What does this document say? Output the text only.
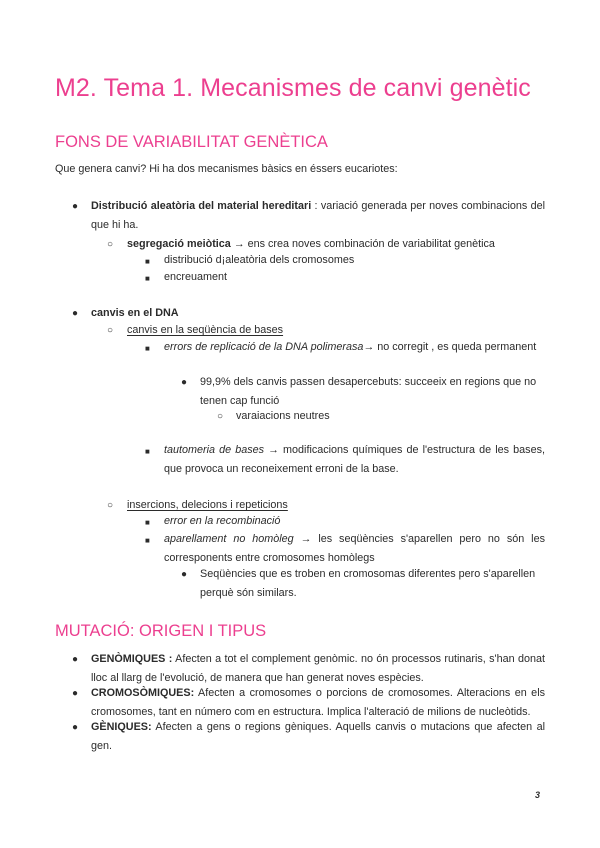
M2. Tema 1. Mecanismes de canvi genètic
FONS DE VARIABILITAT GENÈTICA
Que genera canvi? Hi ha dos mecanismes bàsics en éssers eucariotes:
● Distribució aleatòria del material hereditari : variació generada per noves combinacions del que hi ha.
○ segregació meiòtica → ens crea noves combinación de variabilitat genètica
■ distribució d¡aleatòria dels cromosomes
■ encreuament
● canvis en el DNA
○ canvis en la seqüència de bases
■ errors de replicació de la DNA polimerasa→ no corregit , es queda permanent
● 99,9% dels canvis passen desapercebuts: succeeix en regions que no tenen cap funció
○ varaiacions neutres
■ tautomeria de bases → modificacions químiques de l'estructura de les bases, que provoca un reconeixement erroni de la base.
○ insercions, delecions i repeticions
■ error en la recombinació
■ aparellament no homòleg → les seqüències s'aparellen pero no són les corresponents entre cromosomes homòlegs
● Seqüències que es troben en cromosomas diferentes pero s'aparellen perquè són similars.
MUTACIÓ: ORIGEN I TIPUS
● GENÒMIQUES : Afecten a tot el complement genòmic. no ón processos rutinaris, s'han donat lloc al llarg de l'evolució, de manera que han generat noves espècies.
● CROMOSÒMIQUES: Afecten a cromosomes o porcions de cromosomes. Alteracions en els cromosomes, tant en número com en estructura. Implica l'alteració de milions de nucleòtids.
● GÈNIQUES: Afecten a gens o regions gèniques. Aquells canvis o mutacions que afecten al gen.
3
